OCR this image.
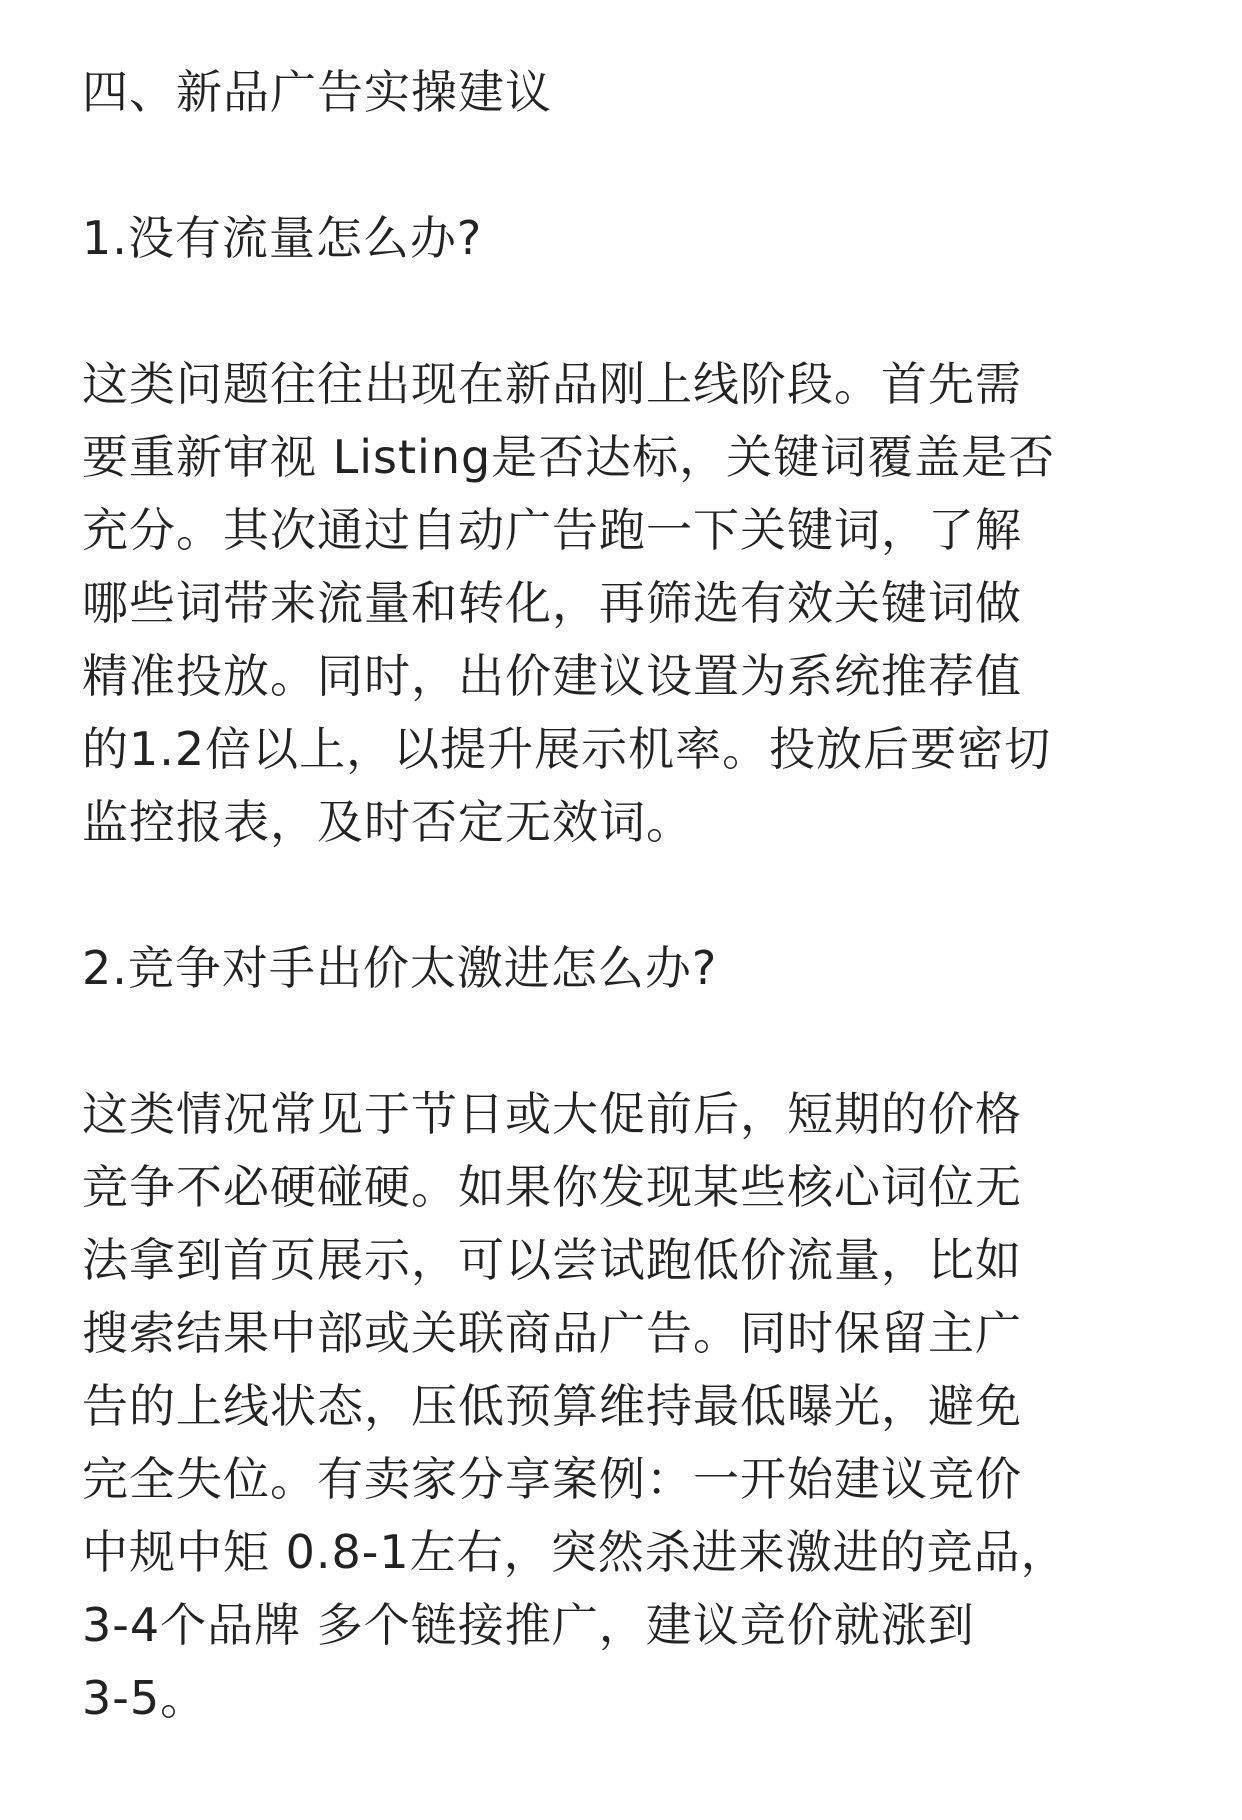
四、新品广告实操建议
1.没有流量怎么办?
这类问题往往出现在新品刚上线阶段。首先需
要重新审视 Listing是否达标，关键词覆盖是否
充分。其次通过自动广告跑一下关键词，了解
哪些词带来流量和转化，再筛选有效关键词做
精准投放。同时，出价建议设置为系统推荐值
的1.2倍以上，以提升展示机率。投放后要密切
监控报表，及时否定无效词。
2.竞争对手出价太激进怎么办?
这类情况常见于节日或大促前后，短期的价格
竞争不必硬碰硬。如果你发现某些核心词位无
法拿到首页展示，可以尝试跑低价流量，比如
搜索结果中部或关联商品广告。同时保留主广
告的上线状态，压低预算维持最低曝光，避免
完全失位。有卖家分享案例：一开始建议竞价
中规中矩 0.8-1左右，突然杀进来激进的竞品，
3-4个品牌 多个链接推广，建议竞价就涨到
3-5。
